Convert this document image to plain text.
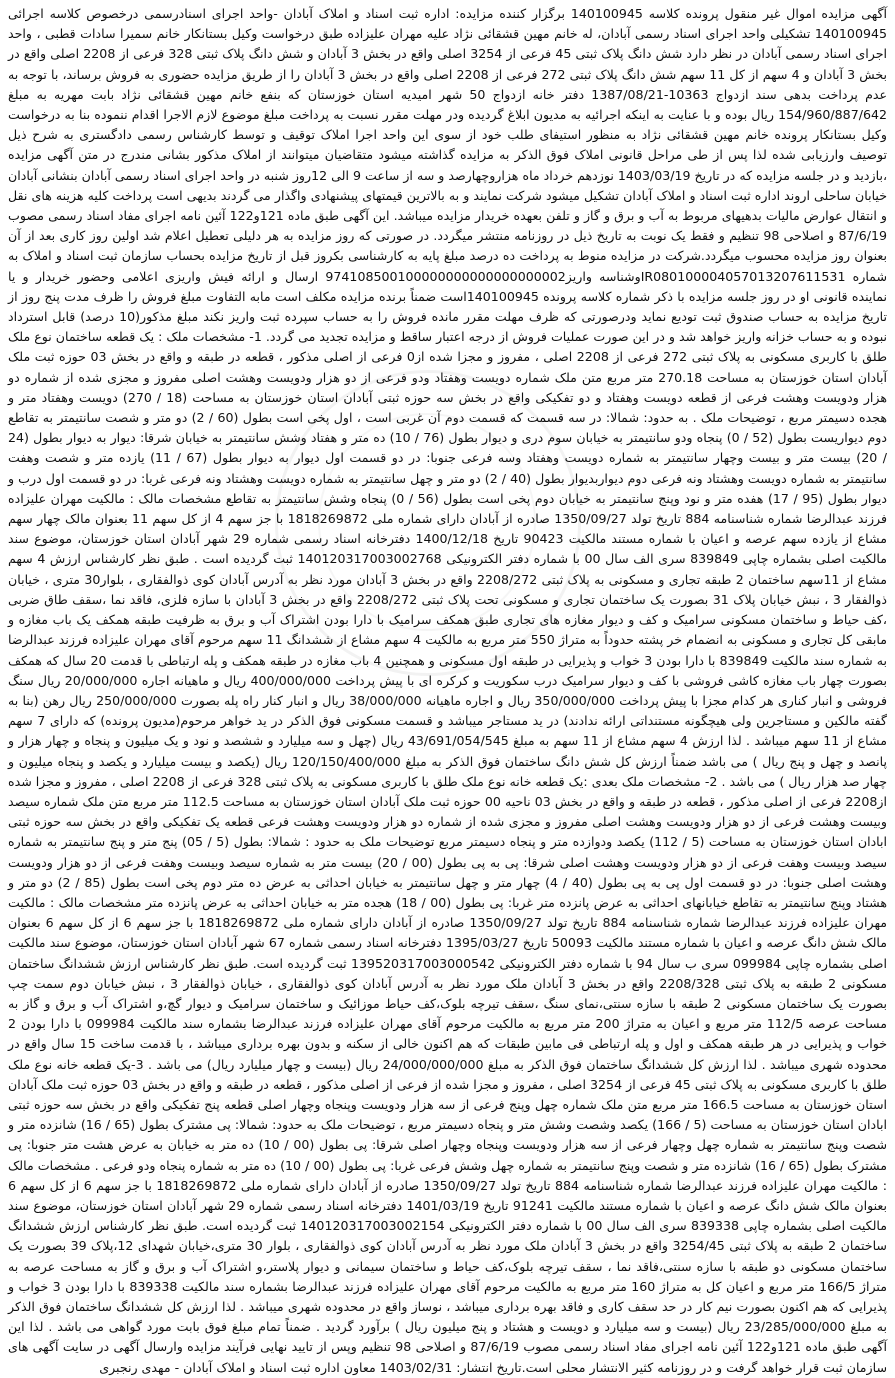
آگهی مزایده اموال غیر منقول پرونده کلاسه 140100945 برگزار کننده مزایده: اداره ثبت اسناد و املاک آبادان -واحد اجرای اسنادرسمی درخصوص کلاسه اجرائی 140100945 تشکیلی واحد اجرای اسناد رسمی آبادان، له خانم مهین قشقائی نژاد علیه مهران علیزاده طبق درخواست وکیل بستانکار خانم سمیرا سادات قطبی ، واحد اجرای اسناد رسمی آبادان در نظر دارد شش دانگ پلاک ثبتی 45 فرعی از 3254 اصلی واقع در بخش 3 آبادان و شش دانگ پلاک ثبتی 328 فرعی از 2208 اصلی واقع در بخش 3 آبادان و 4 سهم از کل 11 سهم شش دانگ پلاک ثبتی 272 فرعی از 2208 اصلی واقع در بخش 3 آبادان را از طریق مزایده حضوری به فروش برساند، با توجه به عدم پرداخت بدهی سند ازدواج 10363-1387/08/21 دفتر خانه ازدواج 50 شهر امیدیه استان خوزستان که بنفع خانم مهین قشقائی نژاد بابت مهریه به مبلغ 154/960/887/642 ریال بوده و با عنایت به اینکه اجرائیه به مدیون ابلاغ گردیده ودر مهلت مقرر نسبت به پرداخت مبلغ موضوع لازم الاجرا اقدام ننموده بنا به درخواست وکیل بستانکار پرونده خانم مهین قشقائی نژاد به منظور استیفای طلب خود از سوی این واحد اجرا املاک توقیف و توسط کارشناس رسمی دادگستری به شرح ذیل توصیف وارزیابی شده لذا پس از طی مراحل قانونی املاک فوق الذکر به مزایده گذاشته میشود متقاضیان میتوانند از املاک مذکور بشانی مندرج در متن آگهی مزایده ،بازدید و در جلسه مزایده که در تاریخ 1403/03/19 نوزدهم خرداد ماه هزاروچهارصد و سه از ساعت 9 الی 12روز شنبه در واحد اجرای اسناد رسمی آبادان بنشانی آبادان خیابان ساحلی اروند اداره ثبت اسناد و املاک آبادان تشکیل میشود شرکت نمایند و به بالاترین قیمتهای پیشنهادی واگذار می گردند بدیهی است پرداخت کلیه هزینه های نقل و انتقال عوارض مالیات بدهیهای مربوط به آب و برق و گاز و تلفن بعهده خریدار مزایده میباشد. این آگهی طبق ماده 121و122 آئین نامه اجرای مفاد اسناد رسمی مصوب 87/6/19 و اصلاحی 98 تنظیم و فقط یک نوبت به تاریخ ذیل در روزنامه منتشر میگردد. در صورتی که روز مزایده به هر دلیلی تعطیل اعلام شد اولین روز کاری بعد از آن بعنوان روز مزایده محسوب میگردد.شرکت در مزایده منوط به پرداخت ده درصد مبلغ پایه به کارشناسی بکروز قبل از تاریخ مزایده بحساب سازمان ثبت اسناد و املاک به شماره IR080100004057013207611531وشناسه واریز974108500100000000000000000002 ارسال و ارائه فیش واریزی اعلامی وحضور خریدار و یا نماینده قانونی او در روز جلسه مزایده با ذکر شماره کلاسه پرونده 140100945است ضمناً برنده مزایده مکلف است مابه التفاوت مبلغ فروش را ظرف مدت پنج روز از تاریخ مزایده به حساب صندوق ثبت تودیع نماید ودرصورتی که ظرف مهلت مقرر مانده فروش را به حساب سپرده ثبت واریز نکند مبلغ مذکور(10 درصد) قابل استرداد نبوده و به حساب خزانه واریز خواهد شد و در این صورت عملیات فروش از درجه اعتبار ساقط و مزایده تجدید می گردد. 1- مشخصات ملک : یک قطعه ساختمان نوع ملک طلق با کاربری مسکونی به پلاک ثبتی 272 فرعی از 2208 اصلی ، مفروز و مجزا شده از0 فرعی از اصلی مذکور ، قطعه در طبقه و واقع در بخش 03 حوزه ثبت ملک آبادان استان خوزستان به مساحت 270.18 متر مربع متن ملک شماره دویست وهفتاد ودو فرعی از دو هزار ودویست وهشت اصلی مفروز و مجزی شده از شماره دو هزار ودویست وهشت فرعی از قطعه دویست وهفتاد و دو تفکیکی واقع در بخش سه حوزه ثبتی آبادان استان خوزستان به مساحت (18 / 270) دویست وهفتاد متر و هجده دسیمتر مربع ، توضیحات ملک . به حدود: شمالا: در سه قسمت که قسمت دوم آن غربی است ، اول پخی است بطول (60 / 2) دو متر و شصت سانتیمتر به تقاطع دوم دیواریست بطول (52 / 0) پنجاه ودو سانتیمتر به خیابان سوم دری و دیوار بطول (76 / 10) ده متر و هفتاد وشش سانتیمتر به خیابان شرقا: دیوار به دیوار بطول (24 / 20) بیست متر و بیست وچهار سانتیمتر به شماره دویست وهفتاد وسه فرعی جنوبا: در دو قسمت اول دیوار به دیوار بطول (67 / 11) یازده متر و شصت وهفت سانتیمتر به شماره دویست وهشتاد ونه فرعی دوم دیواربدیوار بطول (40 / 2) دو متر و چهل سانتیمتر به شماره دویست وهشتاد ونه فرعی غربا: در دو قسمت اول درب و دیوار بطول (95 / 17) هفده متر و نود وپنج سانتیمتر به خیابان دوم پخی است بطول (56 / 0) پنجاه وشش سانتیمتر به تقاطع مشخصات مالک : مالکیت مهران علیزاده فرزند عبدالرضا شماره شناسنامه 884 تاریخ تولد 1350/09/27 صادره از آبادان دارای شماره ملی 1818269872 با جز سهم 4 از کل سهم 11 بعنوان مالک چهار سهم مشاع از یازده سهم عرصه و اعیان با شماره مستند مالکیت 90423 تاریخ 1400/12/18 دفترخانه اسناد رسمی شماره 29 شهر آبادان استان خوزستان، موضوع سند مالکیت اصلی بشماره چاپی 839849 سری الف سال 00 با شماره دفتر الکترونیکی 140120317003002768 ثبت گردیده است . طبق نظر کارشناس ارزش 4 سهم مشاع از 11سهم ساختمان 2 طبقه تجاری و مسکونی به پلاک ثبتی 2208/272 واقع در بخش 3 آبادان مورد نظر به آدرس آبادان کوی ذوالفقاری ، بلوار30 متری ، خیابان ذوالفقار 3 ، نبش خیابان پلاک 31 بصورت یک ساختمان تجاری و مسکونی تحت پلاک ثبتی 2208/272 واقع در بخش 3 آبادان با سازه فلزی، فاقد نما ،سقف طاق ضربی ،کف حیاط و ساختمان مسکونی سرامیک و کف و دیوار مغازه های تجاری طبق همکف سرامیک با دارا بودن اشتراک آب و برق به ظرفیت طبقه همکف یک باب مغازه و مابقی کل تجاری و مسکونی به انضمام خر پشته حدوداً به متراژ 550 متر مربع به مالکیت 4 سهم مشاع از ششدانگ 11 سهم مرحوم آقای مهران علیزاده فرزند عبدالرضا به شماره سند مالکیت 839849 با دارا بودن 3 خواب و پذیرایی در طبقه اول مسکونی و همچنین 4 باب مغازه در طبقه همکف و پله ارتباطی با قدمت 20 سال که همکف بصورت چهار باب مغازه کاشی فروشی با کف و دیوار سرامیک درب سکوریت و کرکره ای با پیش پرداخت 400/000/000 ریال و ماهیانه اجاره 20/000/000 ریال سنگ فروشی و انبار کناری هر کدام مجزا با پیش پرداخت 350/000/000 ریال و اجاره ماهیانه 38/000/000 ریال و انبار کنار راه پله بصورت 250/000/000 ریال رهن (بنا به گفته مالکین و مستاجرین ولی هیچگونه مستنداتی ارائه ندادند) در ید مستاجر میباشد و قسمت مسکونی فوق الذکر در ید خواهر مرحوم(مدیون پرونده) که دارای 7 سهم مشاع از 11 سهم میباشد . لذا ارزش 4 سهم مشاع از 11 سهم به مبلغ 43/691/054/545 ریال (چهل و سه میلیارد و ششصد و نود و یک میلیون و پنجاه و چهار هزار و پانصد و چهل و پنج ریال ) می باشد ضمناً ارزش کل شش دانگ ساختمان فوق الذکر به مبلغ 120/150/400/000 ریال (یکصد و بیست میلیارد و یکصد و پنجاه میلیون و چهار صد هزار ریال ) می باشد . 2- مشخصات ملک بعدی :یک قطعه خانه نوع ملک طلق با کاربری مسکونی به پلاک ثبتی 328 فرعی از 2208 اصلی ، مفروز و مجزا شده از2208 فرعی از اصلی مذکور ، قطعه در طبقه و واقع در بخش 03 ناحیه 00 حوزه ثبت ملک آبادان استان خوزستان به مساحت 112.5 متر مربع متن ملک شماره سیصد وبیست وهشت فرعی از دو هزار ودویست وهشت اصلی مفروز و مجزی شده از شماره دو هزار ودویست وهشت فرعی قطعه یک تفکیکی واقع در بخش سه حوزه ثبتی ابادان استان خوزستان به مساحت (5 / 112) یکصد ودوازده متر و پنجاه دسیمتر مربع توضیحات ملک به حدود : شمالا: بطول (5 / 05) پنج متر و پنج سانتیمتر به شماره سیصد وبیست وهفت فرعی از دو هزار ودویست وهشت اصلی شرقا: پی به پی بطول (00 / 20) بیست متر به شماره سیصد وبیست وهفت فرعی از دو هزار ودویست وهشت اصلی جنوبا: در دو قسمت اول پی به پی بطول (40 / 4) چهار متر و چهل سانتیمتر به خیابان احداثی به عرض ده متر دوم پخی است بطول (85 / 2) دو متر و هشتاد وپنج سانتیمتر به تقاطع خیابانهای احداثی به عرض پانزده متر غربا: پی بطول (00 / 18) هجده متر به خیابان احداثی به عرض پانزده متر مشخصات مالک : مالکیت مهران علیزاده فرزند عبدالرضا شماره شناسنامه 884 تاریخ تولد 1350/09/27 صادره از آبادان دارای شماره ملی 1818269872 با جز سهم 6 از کل سهم 6 بعنوان مالک شش دانگ عرصه و اعیان با شماره مستند مالکیت 50093 تاریخ 1395/03/27 دفترخانه اسناد رسمی شماره 67 شهر آبادان استان خوزستان، موضوع سند مالکیت اصلی بشماره چاپی 099984 سری ب سال 94 با شماره دفتر الکترونیکی 139520317003000542 ثبت گردیده است. طبق نظر کارشناس ارزش ششدانگ ساختمان مسکونی 2 طبقه به پلاک ثبتی 2208/328 واقع در بخش 3 آبادان ملک مورد نظر به آدرس آبادان کوی ذوالفقاری ، خیابان ذوالفقار 3 ، نبش خیابان دوم سمت چپ بصورت یک ساختمان مسکونی 2 طبقه با سازه سنتی،نمای سنگ ،سقف تیرچه بلوک،کف حیاط موزائیک و ساختمان سرامیک و دیوار گچ،و اشتراک آب و برق و گاز به مساحت عرصه 112/5 متر مربع و اعیان به متراژ 200 متر مربع به مالکیت مرحوم آقای مهران علیزاده فرزند عبدالرضا بشماره سند مالکیت 099984 با دارا بودن 2 خواب و پذیرایی در هر طبقه همکف و اول و پله ارتباطی فی مابین طبقات که هم اکنون خالی از سکنه و بدون بهره برداری میباشد ، با قدمت ساخت 15 سال واقع در محدوده شهری میباشد . لذا ارزش کل ششدانگ ساختمان فوق الذکر به مبلغ 24/000/000/000 ریال (بیست و چهار میلیارد ریال) می باشد . 3-یک قطعه خانه نوع ملک طلق با کاربری مسکونی به پلاک ثبتی 45 فرعی از 3254 اصلی ، مفروز و مجزا شده از فرعی از اصلی مذکور ، قطعه در طبقه و واقع در بخش 03 حوزه ثبت ملک آبادان استان خوزستان به مساحت 166.5 متر مربع متن ملک شماره چهل وپنج فرعی از سه هزار ودویست وپنجاه وچهار اصلی قطعه پنج تفکیکی واقع در بخش سه حوزه ثبتی ابادان استان خوزستان به مساحت (5 / 166) یکصد وشصت وشش متر و پنجاه دسیمتر مربع ، توضیحات ملک به حدود: شمالا: پی مشترک بطول (65 / 16) شانزده متر و شصت وپنج سانتیمتر به شماره چهل وچهار فرعی از سه هزار ودویست وپنجاه وچهار اصلی شرقا: پی بطول (00 / 10) ده متر به خیابان به عرض هشت متر جنوبا: پی مشترک بطول (65 / 16) شانزده متر و شصت وپنج سانتیمتر به شماره چهل وشش فرعی غربا: پی بطول (00 / 10) ده متر به شماره پنجاه ودو فرعی . مشخصات مالک : مالکیت مهران علیزاده فرزند عبدالرضا شماره شناسنامه 884 تاریخ تولد 1350/09/27 صادره از آبادان دارای شماره ملی 1818269872 با جز سهم 6 از کل سهم 6 بعنوان مالک شش دانگ عرصه و اعیان با شماره مستند مالکیت 91241 تاریخ 1401/03/19 دفترخانه اسناد رسمی شماره 29 شهر آبادان استان خوزستان، موضوع سند مالکیت اصلی بشماره چاپی 839338 سری الف سال 00 با شماره دفتر الکترونیکی 140120317003002154 ثبت گردیده است. طبق نظر کارشناس ارزش ششدانگ ساختمان 2 طبقه به پلاک ثبتی 3254/45 واقع در بخش 3 آبادان ملک مورد نظر به آدرس آبادان کوی ذوالفقاری ، بلوار 30 متری،خیابان شهدای 12،پلاک 39 بصورت یک ساختمان مسکونی دو طبقه با سازه سنتی،فاقد نما ، سقف تیرچه بلوک،کف حیاط و ساختمان سیمانی و دیوار پلاستر،و اشتراک آب و برق و گاز به مساحت عرصه به متراژ 166/5 متر مربع و اعیان کل به متراژ 160 متر مربع به مالکیت مرحوم آقای مهران علیزاده فرزند عبدالرضا بشماره سند مالکیت 839338 با دارا بودن 3 خواب و پذیرایی که هم اکنون بصورت نیم کار در حد سقف کاری و فاقد بهره برداری میباشد ، نوساز واقع در محدوده شهری میباشد . لذا ارزش کل ششدانگ ساختمان فوق الذکر به مبلغ 23/285/000/000 ریال (بیست و سه میلیارد و دویست و هشتاد و پنج میلیون ریال ) برآورد گردید . ضمناً تمام مبلغ فوق بابت مورد گواهی می باشد . لذا این آگهی طبق ماده 121و122 آئین نامه اجرای مفاد اسناد رسمی مصوب 87/6/19 و اصلاحی 98 تنظیم وپس از تایید نهایی فرآیند مزایده وارسال آگهی در سایت آگهی های سازمان ثبت قرار خواهد گرفت و در روزنامه کثیر الانتشار محلی است.تاریخ انتشار: 1403/02/31 معاون اداره ثبت اسناد و املاک آبادان - مهدی رنجبری
